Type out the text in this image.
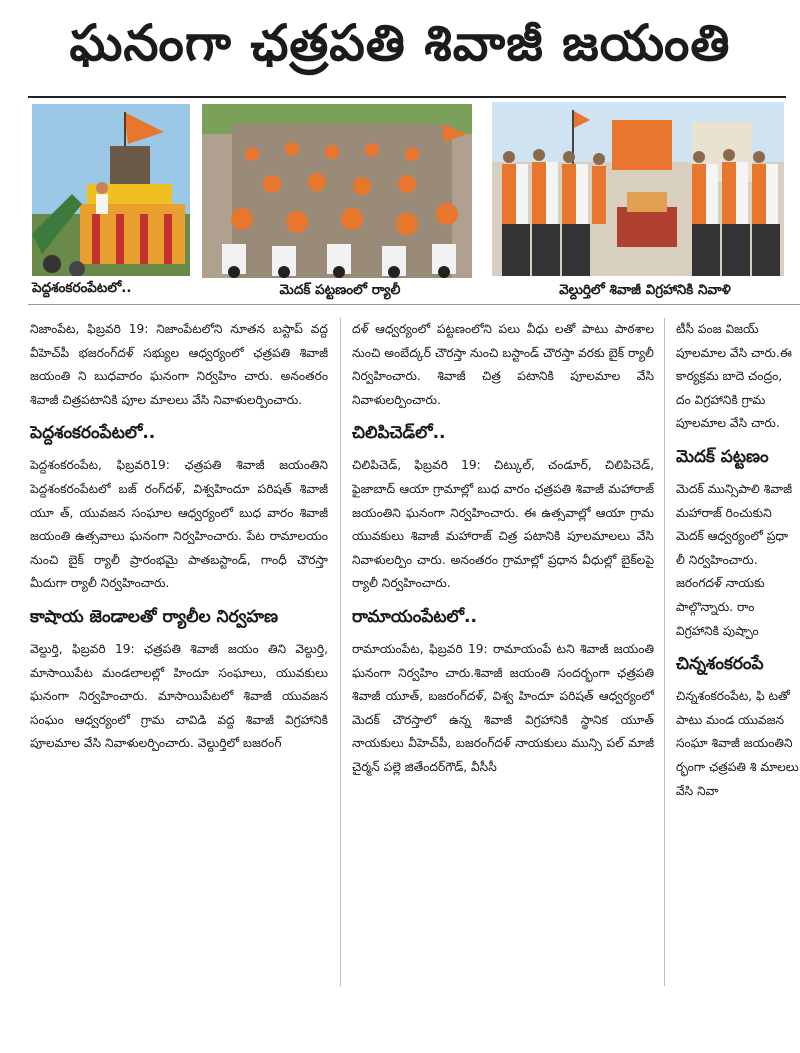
ఘనంగా ఛత్రపతి శివాజీ జయంతి
పెద్దశంకరంపేటలో..	మెదక్ పట్టణంలో ర్యాలీ	వెల్దుర్తిలో శివాజీ విగ్రహానికి నివాళి

నిజాంపేట, ఫిబ్రవరి 19: నిజాంపేటలోని నూతన బస్టాప్ వద్ద వీహెచ్‌పీ భజరంగ్‌దళ్ సభ్యుల ఆధ్వర్యంలో ఛత్రపతి శివాజీ జయంతి ని బుధవారం ఘనంగా నిర్వహిం చారు. అనంతరం శివాజీ చిత్రపటానికి పూల మాలలు వేసి నివాళులర్పించారు.

పెద్దశంకరంపేటలో..

పెద్దశంకరంపేట, ఫిబ్రవరి19: ఛత్రపతి శివాజీ జయంతిని పెద్దశంకరంపేటలో బజ్ రంగ్‌దళ్, విశ్వహిందూ పరిషత్ శివాజీ యూ త్, యువజన సంఘాల ఆధ్వర్యంలో బుధ వారం శివాజీ జయంతి ఉత్సవాలు ఘనంగా నిర్వహించారు. పేట రామాలయం నుంచి బైక్ ర్యాలీ ప్రారంభమై పాతబస్టాండ్, గాంధీ చౌరస్తా మీదుగా ర్యాలీ నిర్వహించారు.

కాషాయ జెండాలతో ర్యాలీల నిర్వహణ

వెల్దుర్తి, ఫిబ్రవరి 19: ఛత్రపతి శివాజీ జయం తిని వెల్దుర్తి, మాసాయిపేట మండలాలల్లో హిందూ సంఘాలు, యువకులు ఘనంగా నిర్వహించారు. మాసాయిపేటలో శివాజీ యువజన సంఘం ఆధ్వర్యంలో గ్రామ చావిడి వద్ద శివాజీ విగ్రహానికి పూలమాల వేసి నివాళులర్పించారు. వెల్దుర్తిలో బజరంగ్

దళ్ ఆధ్వర్యంలో పట్టణంలోని పలు వీధు లతో పాటు పాఠశాల నుంచి అంబేద్కర్ చౌరస్తా నుంచి బస్టాండ్ చౌరస్తా వరకు బైక్ ర్యాలీ నిర్వహించారు. శివాజీ చిత్ర పటానికి పూలమాల వేసి నివాళులర్పించారు.

చిలిపిచెడ్‌లో..

చిలిపిచెడ్, ఫిబ్రవరి 19: చిట్కుల్, చండూర్, చిలిపిచెడ్, ఫైజాబాద్ ఆయా గ్రామాల్లో బుధ వారం ఛత్రపతి శివాజీ మహారాజ్ జయంతిని ఘనంగా నిర్వహించారు. ఈ ఉత్సవాల్లో ఆయా గ్రామ యువకులు శివాజీ మహారాజ్ చిత్ర పటానికి పూలమాలలు వేసి నివాళులర్పిం చారు. అనంతరం గ్రామాల్లో ప్రధాన వీధుల్లో బైక్‌లపై ర్యాలీ నిర్వహించారు.

రామాయంపేటలో..

రామాయంపేట, ఫిబ్రవరి 19: రామాయంపే టని శివాజీ జయంతి ఘనంగా నిర్వహిం చారు.శివాజీ జయంతి సందర్భంగా ఛత్రపతి శివాజీ యూత్, బజరంగ్‌దళ్, విశ్వ హిందూ పరిషత్ ఆధ్వర్యంలో మెదక్ చౌరస్తాలో ఉన్న శివాజీ విగ్రహానికి స్థానిక యూత్ నాయకులు వీహెచ్‌పీ, బజరంగ్‌దళ్ నాయకులు మున్సి పల్ మాజీ చైర్మన్ పల్లె జితేందర్‌గౌడ్, వీసీసీ

టీసీ పంజ విజయ్ పూలమాల వేసి చారు.ఈ కార్యక్రమ బాదె చంద్రం, దం విగ్రహానికి గ్రామ పూలమాల వేసి చారు.

మెదక్ పట్టణం

మెదక్ మున్సిపాలి శివాజీ మహారాజ్ రించుకుని మెదక్ ఆధ్వర్యంలో ప్రధా లీ నిర్వహించారు. జరంగదళ్ నాయకు పాల్గొన్నారు. రాం విగ్రహానికి పుష్పాం

చిన్నశంకరంపే

చిన్నశంకరంపేట, ఫి టతో పాటు మండ యువజన సంఘా శివాజీ జయంతిని ర్భంగా ఛత్రపతి శి మాలలు వేసి నివా
